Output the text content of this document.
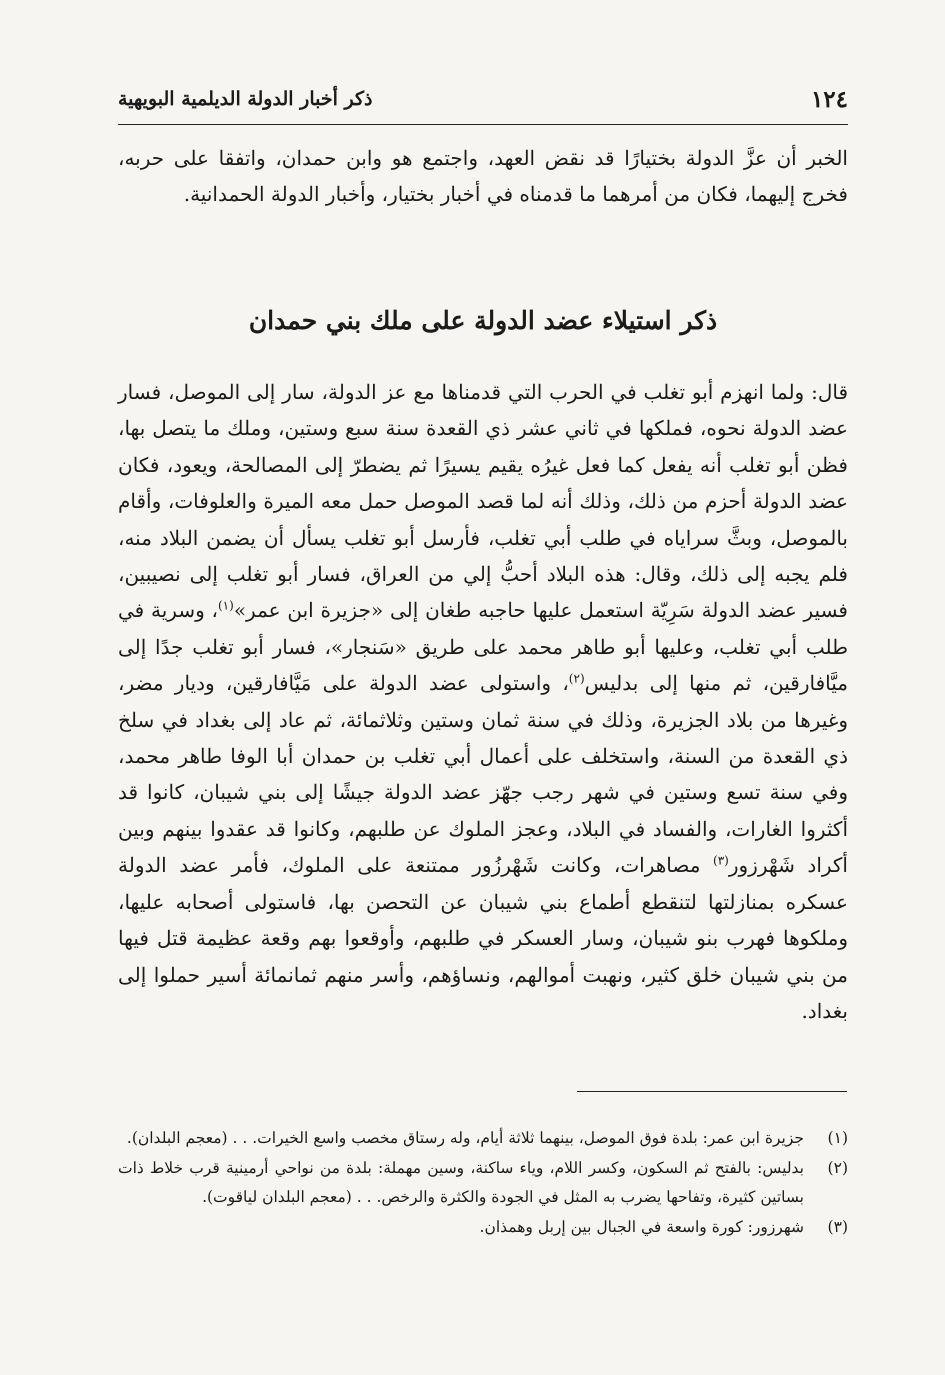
١٢٤
ذكر أخبار الدولة الديلمية البويهية

الخبر أن عزَّ الدولة بختيارًا قد نقض العهد، واجتمع هو وابن حمدان، واتفقا على حربه، فخرج إليهما، فكان من أمرهما ما قدمناه في أخبار بختيار، وأخبار الدولة الحمدانية.

ذكر استيلاء عضد الدولة على ملك بني حمدان

قال: ولما انهزم أبو تغلب في الحرب التي قدمناها مع عز الدولة، سار إلى الموصل، فسار عضد الدولة نحوه، فملكها في ثاني عشر ذي القعدة سنة سبع وستين، وملك ما يتصل بها، فظن أبو تغلب أنه يفعل كما فعل غيرُه يقيم يسيرًا ثم يضطرّ إلى المصالحة، ويعود، فكان عضد الدولة أحزم من ذلك، وذلك أنه لما قصد الموصل حمل معه الميرة والعلوفات، وأقام بالموصل، وبثَّ سراياه في طلب أبي تغلب، فأرسل أبو تغلب يسأل أن يضمن البلاد منه، فلم يجبه إلى ذلك، وقال: هذه البلاد أحبُّ إلي من العراق، فسار أبو تغلب إلى نصيبين، فسير عضد الدولة سَرِيّة استعمل عليها حاجبه طغان إلى «جزيرة ابن عمر»$^{(١)}$، وسرية في طلب أبي تغلب، وعليها أبو طاهر محمد على طريق «سَنجار»، فسار أبو تغلب جدًا إلى ميَّافارقين، ثم منها إلى بدليس$^{(٢)}$، واستولى عضد الدولة على مَيَّافارقين، وديار مضر، وغيرها من بلاد الجزيرة، وذلك في سنة ثمان وستين وثلاثمائة، ثم عاد إلى بغداد في سلخ ذي القعدة من السنة، واستخلف على أعمال أبي تغلب بن حمدان أبا الوفا طاهر محمد، وفي سنة تسع وستين في شهر رجب جهّز عضد الدولة جيشًا إلى بني شيبان، كانوا قد أكثروا الغارات، والفساد في البلاد، وعجز الملوك عن طلبهم، وكانوا قد عقدوا بينهم وبين أكراد شَهْرزور$^{(٣)}$ مصاهرات، وكانت شَهْرزُور ممتنعة على الملوك، فأمر عضد الدولة عسكره بمنازلتها لتنقطع أطماع بني شيبان عن التحصن بها، فاستولى أصحابه عليها، وملكوها فهرب بنو شيبان، وسار العسكر في طلبهم، وأوقعوا بهم وقعة عظيمة قتل فيها من بني شيبان خلق كثير، ونهبت أموالهم، ونساؤهم، وأسر منهم ثمانمائة أسير حملوا إلى بغداد.

(١)
جزيرة ابن عمر: بلدة فوق الموصل، بينهما ثلاثة أيام، وله رستاق مخصب واسع الخيرات. . . (معجم البلدان).
(٢)
بدليس: بالفتح ثم السكون، وكسر اللام، وياء ساكنة، وسين مهملة: بلدة من نواحي أرمينية قرب خلاط ذات بساتين كثيرة، وتفاحها يضرب به المثل في الجودة والكثرة والرخص. . . (معجم البلدان لياقوت).
(٣)
شهرزور: كورة واسعة في الجبال بين إربل وهمذان.
